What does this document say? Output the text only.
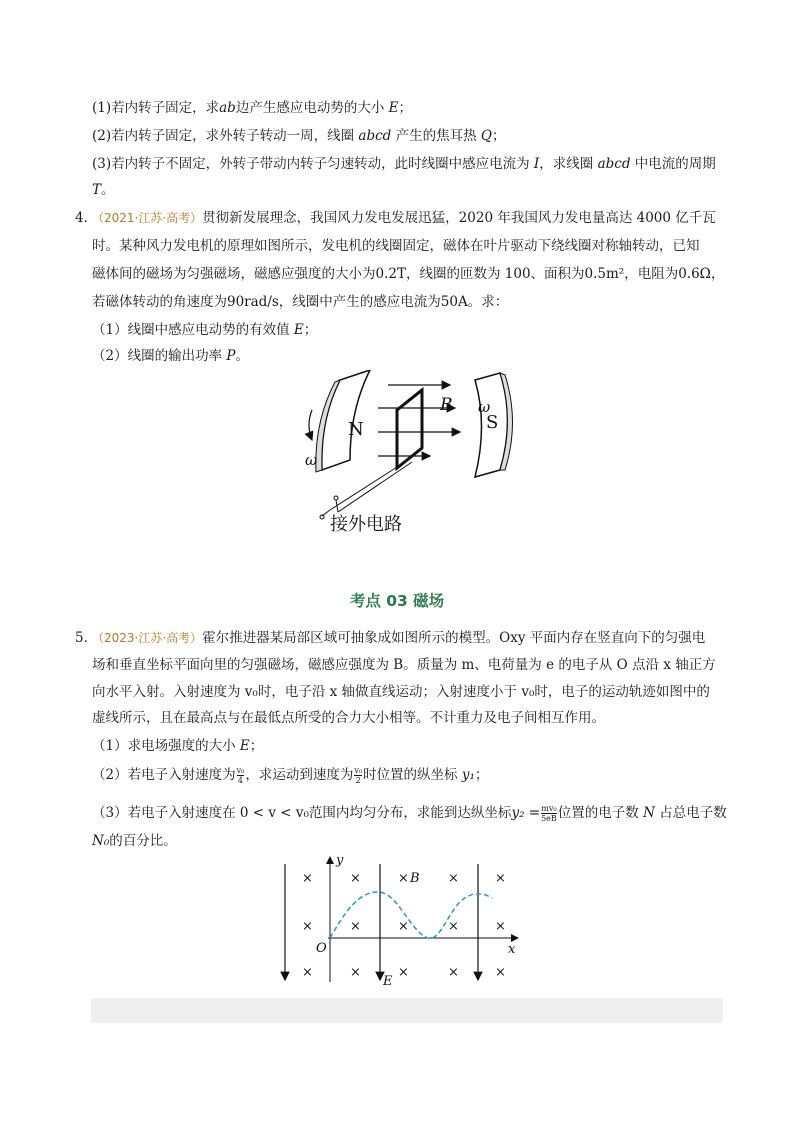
(1)若内转子固定，求ab边产生感应电动势的大小 E；
(2)若内转子固定，求外转子转动一周，线圈 abcd 产生的焦耳热 Q；
(3)若内转子不固定，外转子带动内转子匀速转动，此时线圈中感应电流为 I，求线圈 abcd 中电流的周期
T。
4．
（2021·江苏·高考）贯彻新发展理念，我国风力发电发展迅猛，2020 年我国风力发电量高达 4000 亿千瓦
时。某种风力发电机的原理如图所示，发电机的线圈固定，磁体在叶片驱动下绕线圈对称轴转动，已知
磁体间的磁场为匀强磁场，磁感应强度的大小为0.2T，线圈的匝数为 100、面积为0.5m²，电阻为0.6Ω，
若磁体转动的角速度为90rad/s，线圈中产生的感应电流为50A。求：
（1）线圈中感应电动势的有效值 E；
（2）线圈的输出功率 P。
N	S
B
ω
ω
接外电路
考点 03 磁场
5．
（2023·江苏·高考）霍尔推进器某局部区域可抽象成如图所示的模型。Oxy 平面内存在竖直向下的匀强电
场和垂直坐标平面向里的匀强磁场，磁感应强度为 B。质量为 m、电荷量为 e 的电子从 O 点沿 x 轴正方
向水平入射。入射速度为 v₀时，电子沿 x 轴做直线运动；入射速度小于 v₀时，电子的运动轨迹如图中的
虚线所示，且在最高点与在最低点所受的合力大小相等。不计重力及电子间相互作用。
（1）求电场强度的大小 E；
（2）若电子入射速度为 $\frac{\text{v₀}}{4}$ ，求运动到速度为 $\frac{\text{v₀}}{2}$ 时位置的纵坐标 y₁；
（3）若电子入射速度在 0 < v < v₀范围内均匀分布，求能到达纵坐标$y_2 = \frac{\text{mv₀}}{5eB}$ 位置的电子数 N 占总电子数
N₀的百分比。
y
x
O
E
B
×	×	×	×	×
×	×	×	×	×
×	×	×	×	×
